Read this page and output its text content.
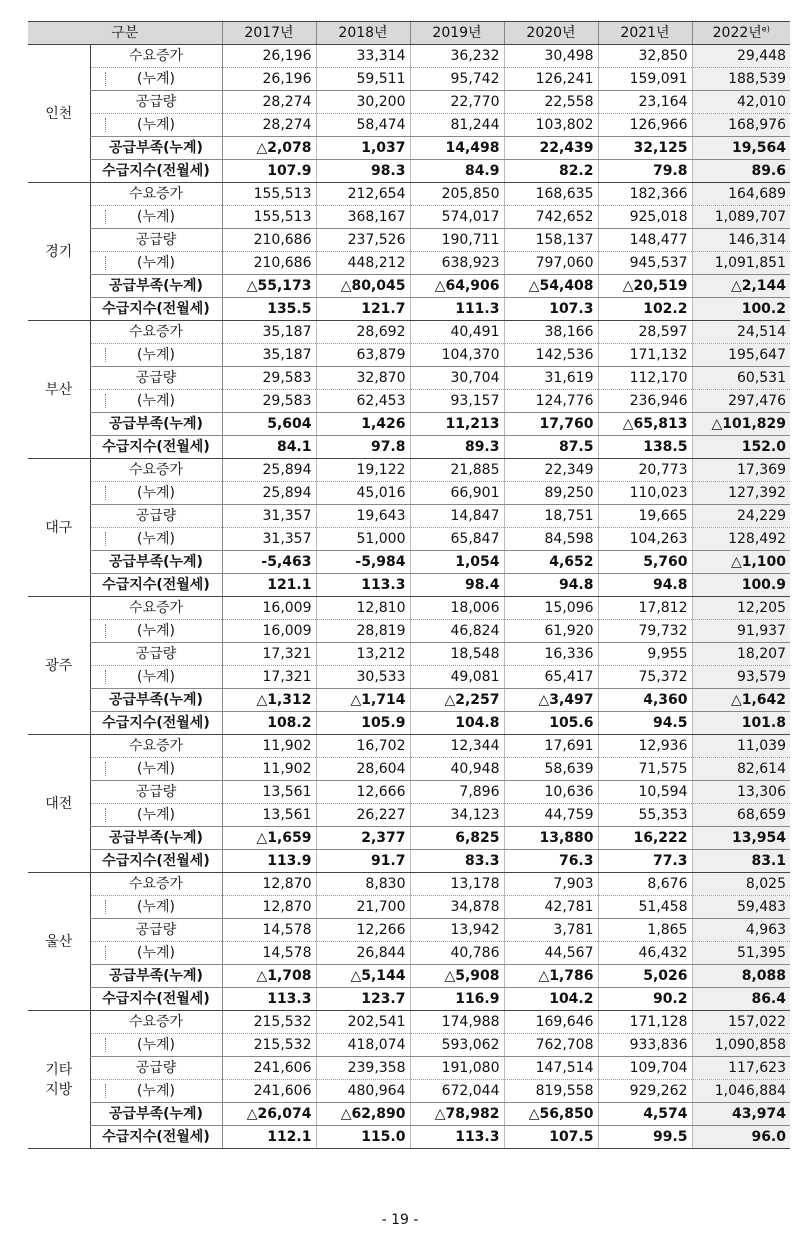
구분		2017년	2018년	2019년	2020년	2021년	2022년$^{e)}$
인천	수요증가	26,196	33,314	36,232	30,498	32,850	29,448
	(누계)	26,196	59,511	95,742	126,241	159,091	188,539
	공급량	28,274	30,200	22,770	22,558	23,164	42,010
	(누계)	28,274	58,474	81,244	103,802	126,966	168,976
	공급부족(누계)	△2,078	1,037	14,498	22,439	32,125	19,564
	수급지수(전월세)	107.9	98.3	84.9	82.2	79.8	89.6
경기	수요증가	155,513	212,654	205,850	168,635	182,366	164,689
	(누계)	155,513	368,167	574,017	742,652	925,018	1,089,707
	공급량	210,686	237,526	190,711	158,137	148,477	146,314
	(누계)	210,686	448,212	638,923	797,060	945,537	1,091,851
	공급부족(누계)	△55,173	△80,045	△64,906	△54,408	△20,519	△2,144
	수급지수(전월세)	135.5	121.7	111.3	107.3	102.2	100.2
부산	수요증가	35,187	28,692	40,491	38,166	28,597	24,514
	(누계)	35,187	63,879	104,370	142,536	171,132	195,647
	공급량	29,583	32,870	30,704	31,619	112,170	60,531
	(누계)	29,583	62,453	93,157	124,776	236,946	297,476
	공급부족(누계)	5,604	1,426	11,213	17,760	△65,813	△101,829
	수급지수(전월세)	84.1	97.8	89.3	87.5	138.5	152.0
대구	수요증가	25,894	19,122	21,885	22,349	20,773	17,369
	(누계)	25,894	45,016	66,901	89,250	110,023	127,392
	공급량	31,357	19,643	14,847	18,751	19,665	24,229
	(누계)	31,357	51,000	65,847	84,598	104,263	128,492
	공급부족(누계)	-5,463	-5,984	1,054	4,652	5,760	△1,100
	수급지수(전월세)	121.1	113.3	98.4	94.8	94.8	100.9
광주	수요증가	16,009	12,810	18,006	15,096	17,812	12,205
	(누계)	16,009	28,819	46,824	61,920	79,732	91,937
	공급량	17,321	13,212	18,548	16,336	9,955	18,207
	(누계)	17,321	30,533	49,081	65,417	75,372	93,579
	공급부족(누계)	△1,312	△1,714	△2,257	△3,497	4,360	△1,642
	수급지수(전월세)	108.2	105.9	104.8	105.6	94.5	101.8
대전	수요증가	11,902	16,702	12,344	17,691	12,936	11,039
	(누계)	11,902	28,604	40,948	58,639	71,575	82,614
	공급량	13,561	12,666	7,896	10,636	10,594	13,306
	(누계)	13,561	26,227	34,123	44,759	55,353	68,659
	공급부족(누계)	△1,659	2,377	6,825	13,880	16,222	13,954
	수급지수(전월세)	113.9	91.7	83.3	76.3	77.3	83.1
울산	수요증가	12,870	8,830	13,178	7,903	8,676	8,025
	(누계)	12,870	21,700	34,878	42,781	51,458	59,483
	공급량	14,578	12,266	13,942	3,781	1,865	4,963
	(누계)	14,578	26,844	40,786	44,567	46,432	51,395
	공급부족(누계)	△1,708	△5,144	△5,908	△1,786	5,026	8,088
	수급지수(전월세)	113.3	123.7	116.9	104.2	90.2	86.4
기타
지방	수요증가	215,532	202,541	174,988	169,646	171,128	157,022
	(누계)	215,532	418,074	593,062	762,708	933,836	1,090,858
	공급량	241,606	239,358	191,080	147,514	109,704	117,623
	(누계)	241,606	480,964	672,044	819,558	929,262	1,046,884
	공급부족(누계)	△26,074	△62,890	△78,982	△56,850	4,574	43,974
	수급지수(전월세)	112.1	115.0	113.3	107.5	99.5	96.0
- 19 -
